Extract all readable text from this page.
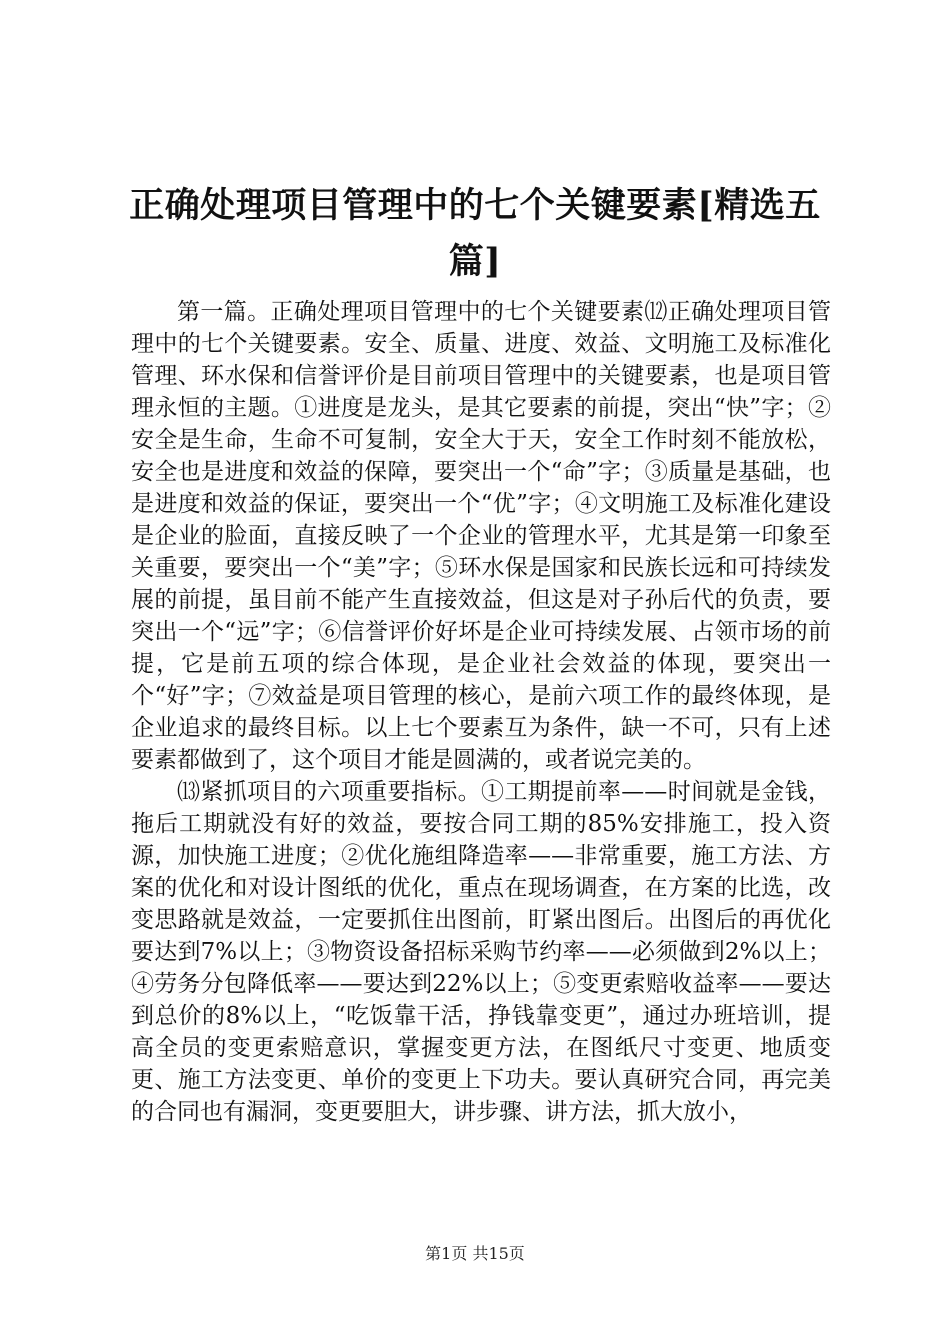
正确处理项目管理中的七个关键要素[精选五篇]

第一篇。正确处理项目管理中的七个关键要素⑿正确处理项目管理中的七个关键要素。安全、质量、进度、效益、文明施工及标准化管理、环水保和信誉评价是目前项目管理中的关键要素，也是项目管理永恒的主题。①进度是龙头，是其它要素的前提，突出“快”字；②安全是生命，生命不可复制，安全大于天，安全工作时刻不能放松，安全也是进度和效益的保障，要突出一个“命”字；③质量是基础，也是进度和效益的保证，要突出一个“优”字；④文明施工及标准化建设是企业的脸面，直接反映了一个企业的管理水平，尤其是第一印象至关重要，要突出一个“美”字；⑤环水保是国家和民族长远和可持续发展的前提，虽目前不能产生直接效益，但这是对子孙后代的负责，要突出一个“远”字；⑥信誉评价好坏是企业可持续发展、占领市场的前提，它是前五项的综合体现，是企业社会效益的体现，要突出一个“好”字；⑦效益是项目管理的核心，是前六项工作的最终体现，是企业追求的最终目标。以上七个要素互为条件，缺一不可，只有上述要素都做到了，这个项目才能是圆满的，或者说完美的。

⒀紧抓项目的六项重要指标。①工期提前率——时间就是金钱，拖后工期就没有好的效益，要按合同工期的85%安排施工，投入资源，加快施工进度；②优化施组降造率——非常重要，施工方法、方案的优化和对设计图纸的优化，重点在现场调查，在方案的比选，改变思路就是效益，一定要抓住出图前，盯紧出图后。出图后的再优化要达到7%以上；③物资设备招标采购节约率——必须做到2%以上；④劳务分包降低率——要达到22%以上；⑤变更索赔收益率——要达到总价的8%以上，“吃饭靠干活，挣钱靠变更”，通过办班培训，提高全员的变更索赔意识，掌握变更方法，在图纸尺寸变更、地质变更、施工方法变更、单价的变更上下功夫。要认真研究合同，再完美的合同也有漏洞，变更要胆大，讲步骤、讲方法，抓大放小，

第1页 共15页
